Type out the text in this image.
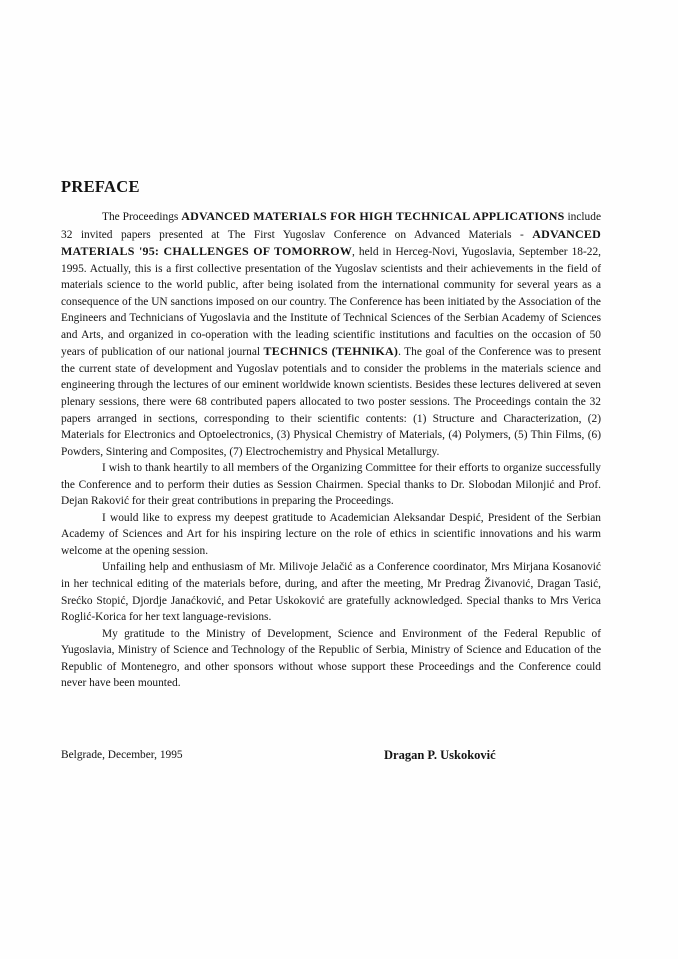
PREFACE

The Proceedings ADVANCED MATERIALS FOR HIGH TECHNICAL APPLICATIONS include 32 invited papers presented at The First Yugoslav Conference on Advanced Materials - ADVANCED MATERIALS '95: CHALLENGES OF TOMORROW, held in Herceg-Novi, Yugoslavia, September 18-22, 1995. Actually, this is a first collective presentation of the Yugoslav scientists and their achievements in the field of materials science to the world public, after being isolated from the international community for several years as a consequence of the UN sanctions imposed on our country. The Conference has been initiated by the Association of the Engineers and Technicians of Yugoslavia and the Institute of Technical Sciences of the Serbian Academy of Sciences and Arts, and organized in co-operation with the leading scientific institutions and faculties on the occasion of 50 years of publication of our national journal TECHNICS (TEHNIKA). The goal of the Conference was to present the current state of development and Yugoslav potentials and to consider the problems in the materials science and engineering through the lectures of our eminent worldwide known scientists. Besides these lectures delivered at seven plenary sessions, there were 68 contributed papers allocated to two poster sessions. The Proceedings contain the 32 papers arranged in sections, corresponding to their scientific contents: (1) Structure and Characterization, (2) Materials for Electronics and Optoelectronics, (3) Physical Chemistry of Materials, (4) Polymers, (5) Thin Films, (6) Powders, Sintering and Composites, (7) Electrochemistry and Physical Metallurgy.

I wish to thank heartily to all members of the Organizing Committee for their efforts to organize successfully the Conference and to perform their duties as Session Chairmen. Special thanks to Dr. Slobodan Milonjić and Prof. Dejan Raković for their great contributions in preparing the Proceedings.

I would like to express my deepest gratitude to Academician Aleksandar Despić, President of the Serbian Academy of Sciences and Art for his inspiring lecture on the role of ethics in scientific innovations and his warm welcome at the opening session.

Unfailing help and enthusiasm of Mr. Milivoje Jelačić as a Conference coordinator, Mrs Mirjana Kosanović in her technical editing of the materials before, during, and after the meeting, Mr Predrag Živanović, Dragan Tasić, Srećko Stopić, Djordje Janaćković, and Petar Uskoković are gratefully acknowledged. Special thanks to Mrs Verica Roglić-Korica for her text language-revisions.

My gratitude to the Ministry of Development, Science and Environment of the Federal Republic of Yugoslavia, Ministry of Science and Technology of the Republic of Serbia, Ministry of Science and Education of the Republic of Montenegro, and other sponsors without whose support these Proceedings and the Conference could never have been mounted.

Belgrade, December, 1995	Dragan P. Uskoković
